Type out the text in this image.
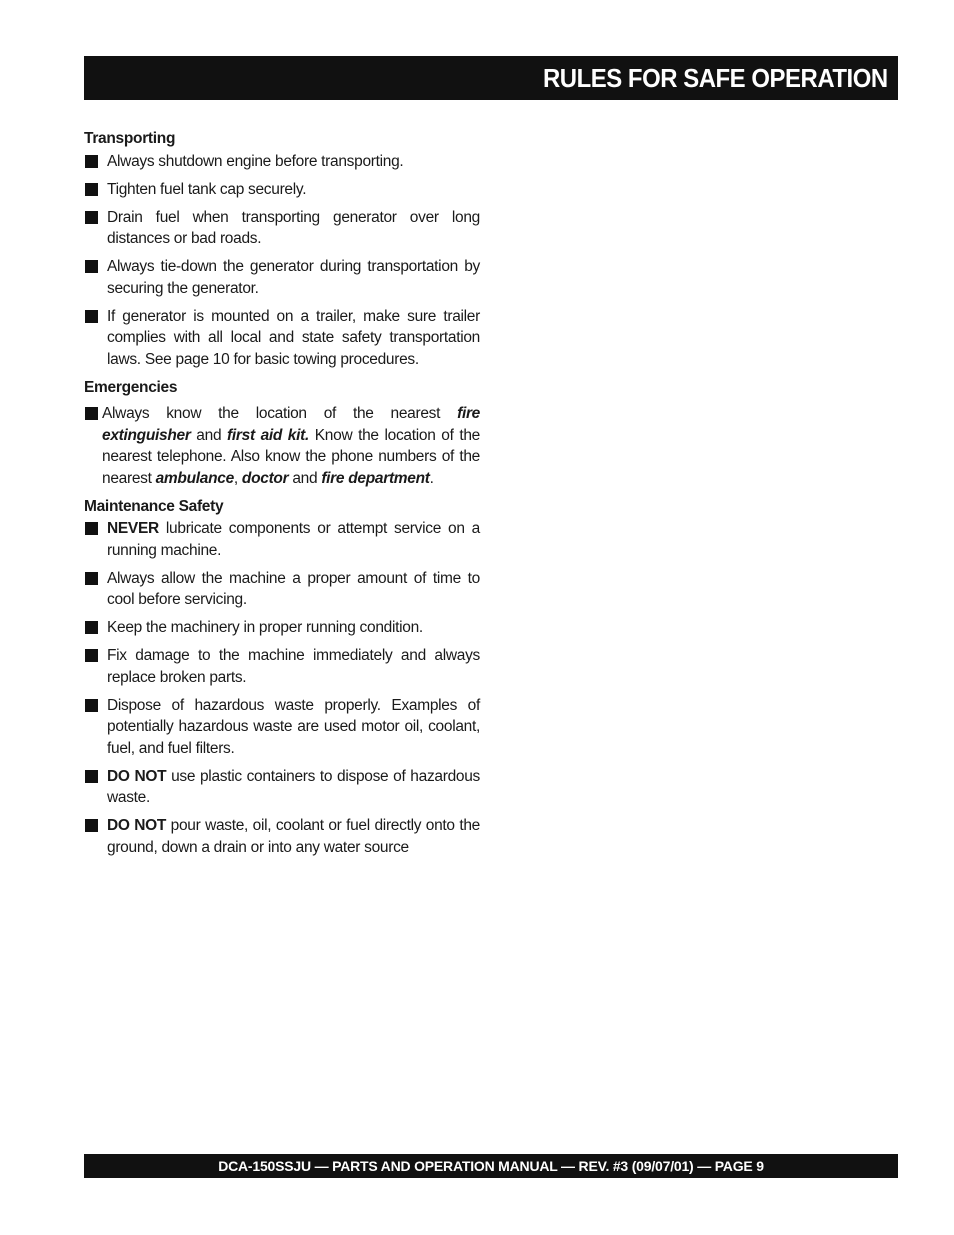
RULES FOR SAFE OPERATION
Transporting
Always shutdown engine before transporting.
Tighten fuel tank cap securely.
Drain fuel when transporting generator over long distances or bad roads.
Always tie-down the generator during transportation by securing the generator.
If generator is mounted on a trailer, make sure trailer complies with all local and state safety transportation laws. See page 10 for basic towing procedures.
Emergencies
Always know the location of the nearest fire extinguisher and first aid kit. Know the location of the nearest telephone. Also know the phone numbers of the nearest ambulance, doctor and fire department.
Maintenance Safety
NEVER lubricate components or attempt service on a running machine.
Always allow the machine a proper amount of time to cool before servicing.
Keep the machinery in proper running condition.
Fix damage to the machine immediately and always replace broken parts.
Dispose of hazardous waste properly. Examples of potentially hazardous waste are used motor oil, coolant, fuel, and fuel filters.
DO NOT use plastic containers to dispose of hazardous waste.
DO NOT pour waste, oil, coolant or fuel directly onto the ground, down a drain or into any water source
DCA-150SSJU — PARTS AND OPERATION MANUAL — REV. #3 (09/07/01) — PAGE 9
